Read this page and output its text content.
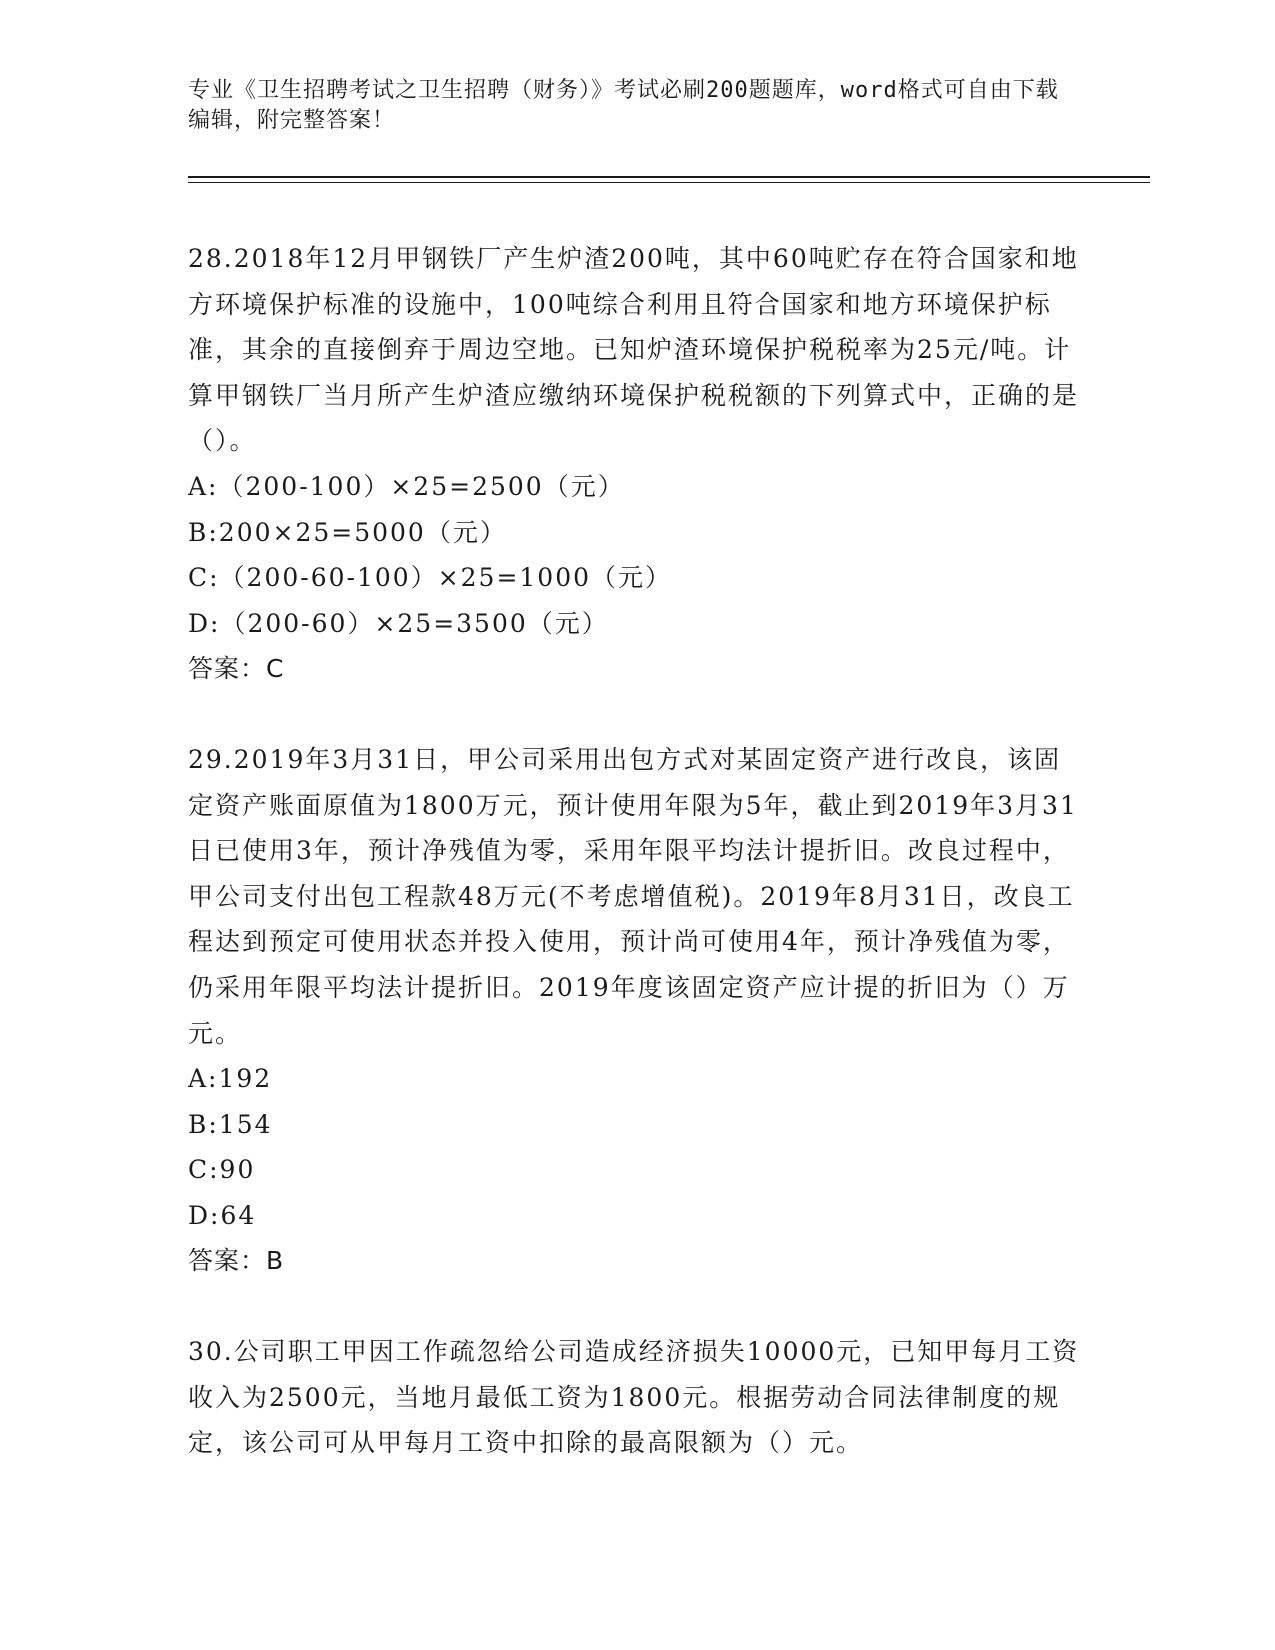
专业《卫生招聘考试之卫生招聘（财务）》考试必刷200题题库，word格式可自由下载编辑，附完整答案！

28.2018年12月甲钢铁厂产生炉渣200吨，其中60吨贮存在符合国家和地方环境保护标准的设施中，100吨综合利用且符合国家和地方环境保护标准，其余的直接倒弃于周边空地。已知炉渣环境保护税税率为25元/吨。计算甲钢铁厂当月所产生炉渣应缴纳环境保护税税额的下列算式中，正确的是（）。

A:（200-100）×25=2500（元）

B:200×25=5000（元）

C:（200-60-100）×25=1000（元）

D:（200-60）×25=3500（元）

答案：C

29.2019年3月31日，甲公司采用出包方式对某固定资产进行改良，该固定资产账面原值为1800万元，预计使用年限为5年，截止到2019年3月31日已使用3年，预计净残值为零，采用年限平均法计提折旧。改良过程中，甲公司支付出包工程款48万元(不考虑增值税)。2019年8月31日，改良工程达到预定可使用状态并投入使用，预计尚可使用4年，预计净残值为零，仍采用年限平均法计提折旧。2019年度该固定资产应计提的折旧为（）万元。

A:192

B:154

C:90

D:64

答案：B

30.公司职工甲因工作疏忽给公司造成经济损失10000元，已知甲每月工资收入为2500元，当地月最低工资为1800元。根据劳动合同法律制度的规定，该公司可从甲每月工资中扣除的最高限额为（）元。
